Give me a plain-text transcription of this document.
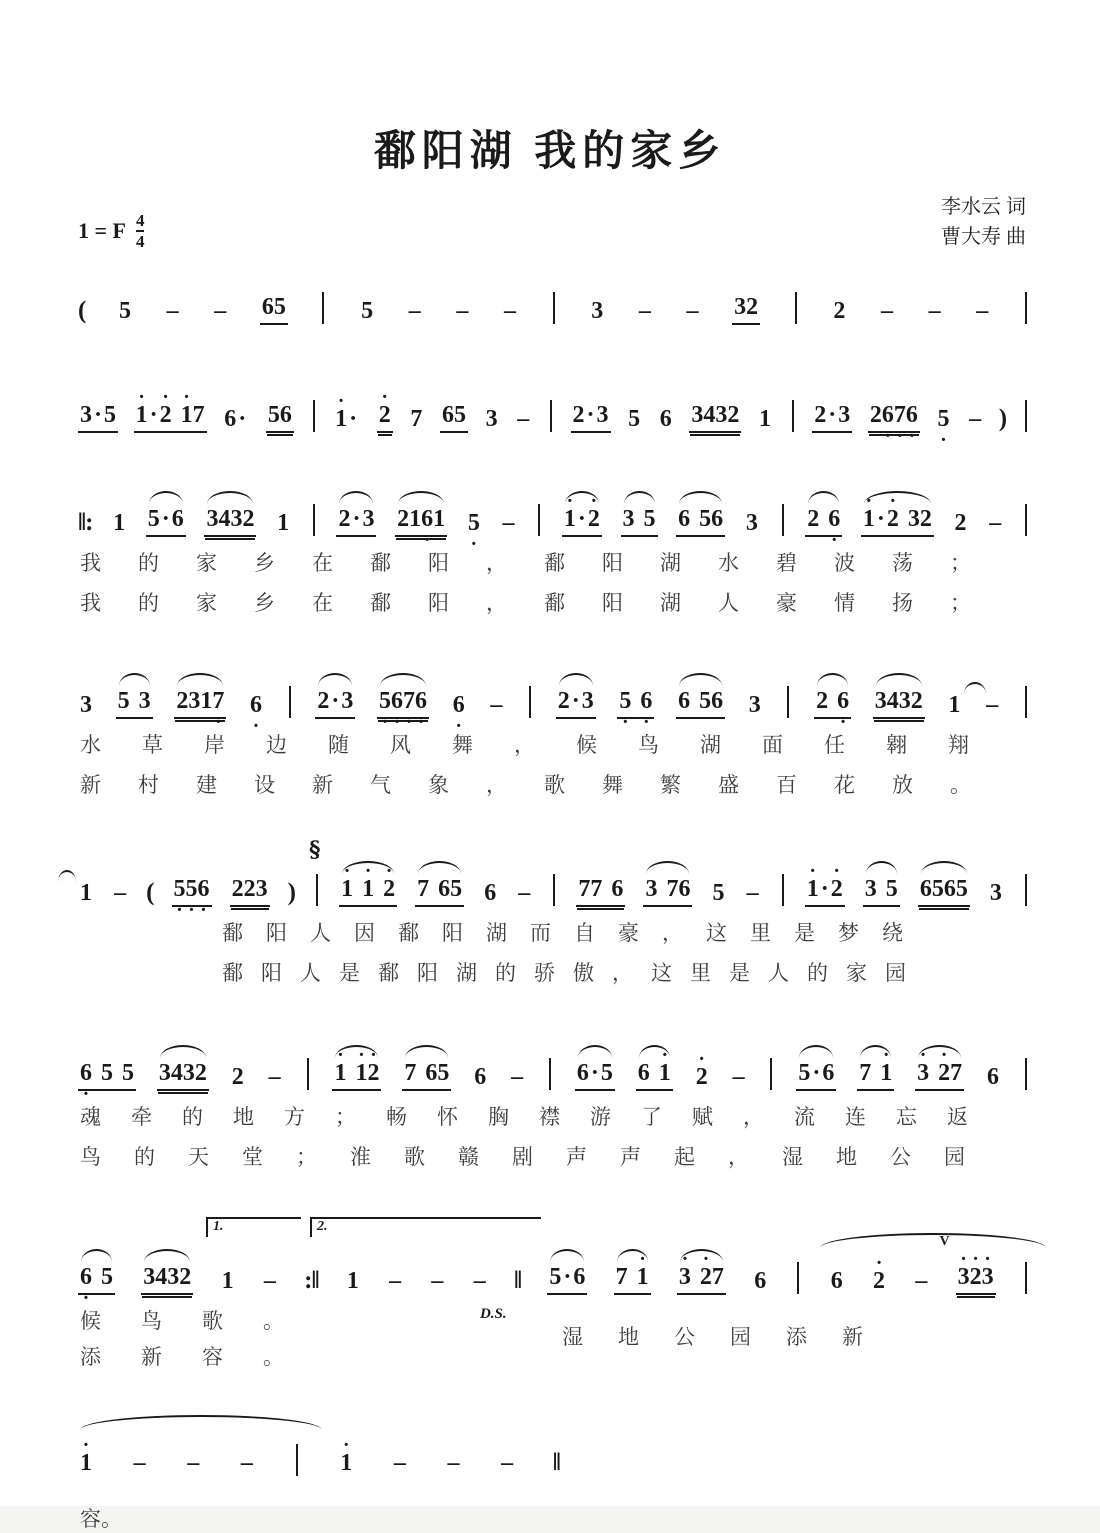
鄱阳湖 我的家乡
李水云 词
曹大寿 曲
1 = F $\frac{4}{4}$
( 5 – – 65	5 – – –	3 – – 32	2 – – –
3·5 · 1·· 2 · 17 6· 56 · 1· · 2 7 65 3 – 2·3 5 6 3432 1 2·3 26 ·7 ·6 · 5 · – )
‖: 1 5·6 3432 1 2·3 216 ·1 5 · – · 1·· 2 3 5 6 56 3 2 6 · · 1·· 2 32 2 –
我的家乡在鄱阳，鄱阳湖水碧波荡；
我的家乡在鄱阳，鄱阳湖人豪情扬；
3 5 3 2317 · 6 · 2·3 5 ·6 ·7 ·6 · 6 · – 2·3 5 · 6 · 6 56 3 2 6 · 3432 1 –
水草岸边随风舞，候鸟湖面任翱翔
新村建设新气象，歌舞繁盛百花放。
1 – ( 5 ·5 ·6 · 223 )
§
· 1 · 1 · 2 7 65 6 – 77 6 3 76 5 – · 1·· 2 3 5 6565 3
鄱阳人因鄱阳湖而自豪，这里是梦绕
鄱阳人是鄱阳湖的骄傲，这里是人的家园
6 · 5 5 3432 2 – · 1 · 1· 2 7 65 6 – 6·5 6 · 1 · 2 – 5·6 7 · 1 · 3 · 27 6
魂牵的地方；畅怀胸襟游了赋，流连忘返
鸟的天堂；淮歌赣剧声声起，湿地公园
1.	2.
6 · 5 3432 1 – :‖ 1 – – – ‖
D.S.
5·6 7 · 1 · 3 · 27 6	6 · 2 – · 3· 2· 3
V
候鸟歌。
添新容。
湿地公园添新
· 1 – – –	· 1 – – – ‖
容。
